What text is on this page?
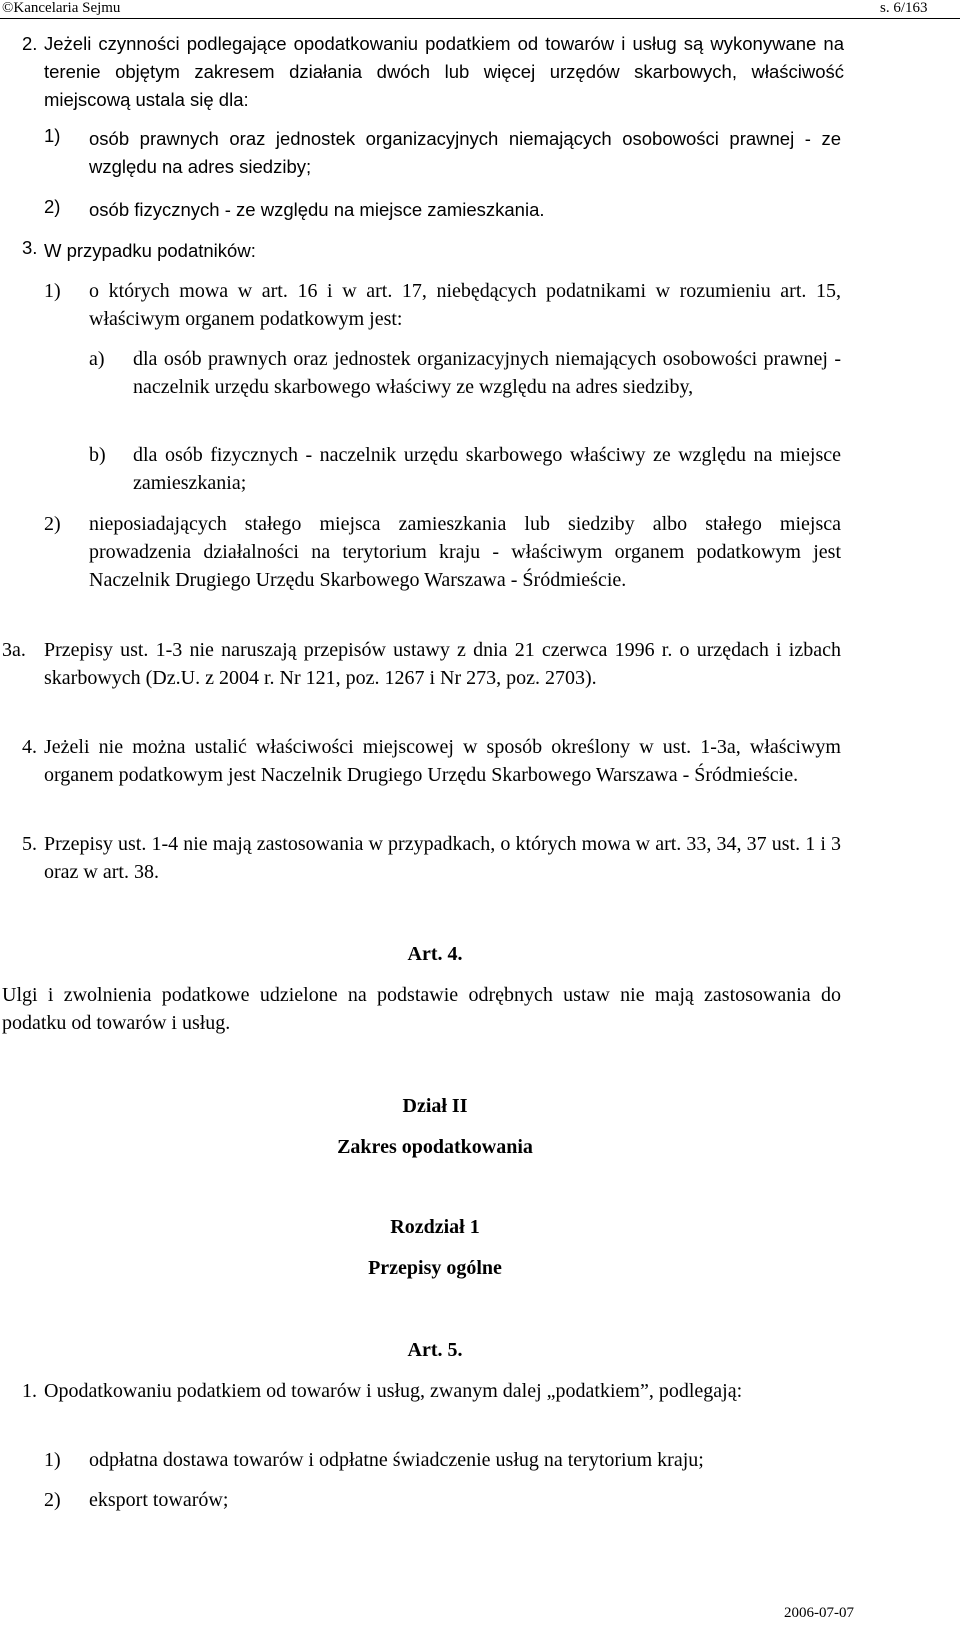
©Kancelaria Sejmu	s. 6/163
2. Jeżeli czynności podlegające opodatkowaniu podatkiem od towarów i usług są wykonywane na terenie objętym zakresem działania dwóch lub więcej urzędów skarbowych, właściwość miejscową ustala się dla:

1) osób prawnych oraz jednostek organizacyjnych niemających osobowości prawnej - ze względu na adres siedziby;

2) osób fizycznych - ze względu na miejsce zamieszkania.

3. W przypadku podatników:

1) o których mowa w art. 16 i w art. 17, niebędących podatnikami w rozumieniu art. 15, właściwym organem podatkowym jest:

a) dla osób prawnych oraz jednostek organizacyjnych niemających osobowości prawnej - naczelnik urzędu skarbowego właściwy ze względu na adres siedziby,

b) dla osób fizycznych - naczelnik urzędu skarbowego właściwy ze względu na miejsce zamieszkania;

2) nieposiadających stałego miejsca zamieszkania lub siedziby albo stałego miejsca prowadzenia działalności na terytorium kraju - właściwym organem podatkowym jest Naczelnik Drugiego Urzędu Skarbowego Warszawa - Śródmieście.

3a. Przepisy ust. 1-3 nie naruszają przepisów ustawy z dnia 21 czerwca 1996 r. o urzędach i izbach skarbowych (Dz.U. z 2004 r. Nr 121, poz. 1267 i Nr 273, poz. 2703).

4. Jeżeli nie można ustalić właściwości miejscowej w sposób określony w ust. 1-3a, właściwym organem podatkowym jest Naczelnik Drugiego Urzędu Skarbowego Warszawa - Śródmieście.

5. Przepisy ust. 1-4 nie mają zastosowania w przypadkach, o których mowa w art. 33, 34, 37 ust. 1 i 3 oraz w art. 38.

Art. 4.

Ulgi i zwolnienia podatkowe udzielone na podstawie odrębnych ustaw nie mają zastosowania do podatku od towarów i usług.

Dział II

Zakres opodatkowania

Rozdział 1

Przepisy ogólne

Art. 5.

1. Opodatkowaniu podatkiem od towarów i usług, zwanym dalej „podatkiem”, podlegają:

1) odpłatna dostawa towarów i odpłatne świadczenie usług na terytorium kraju;

2) eksport towarów;

2006-07-07
